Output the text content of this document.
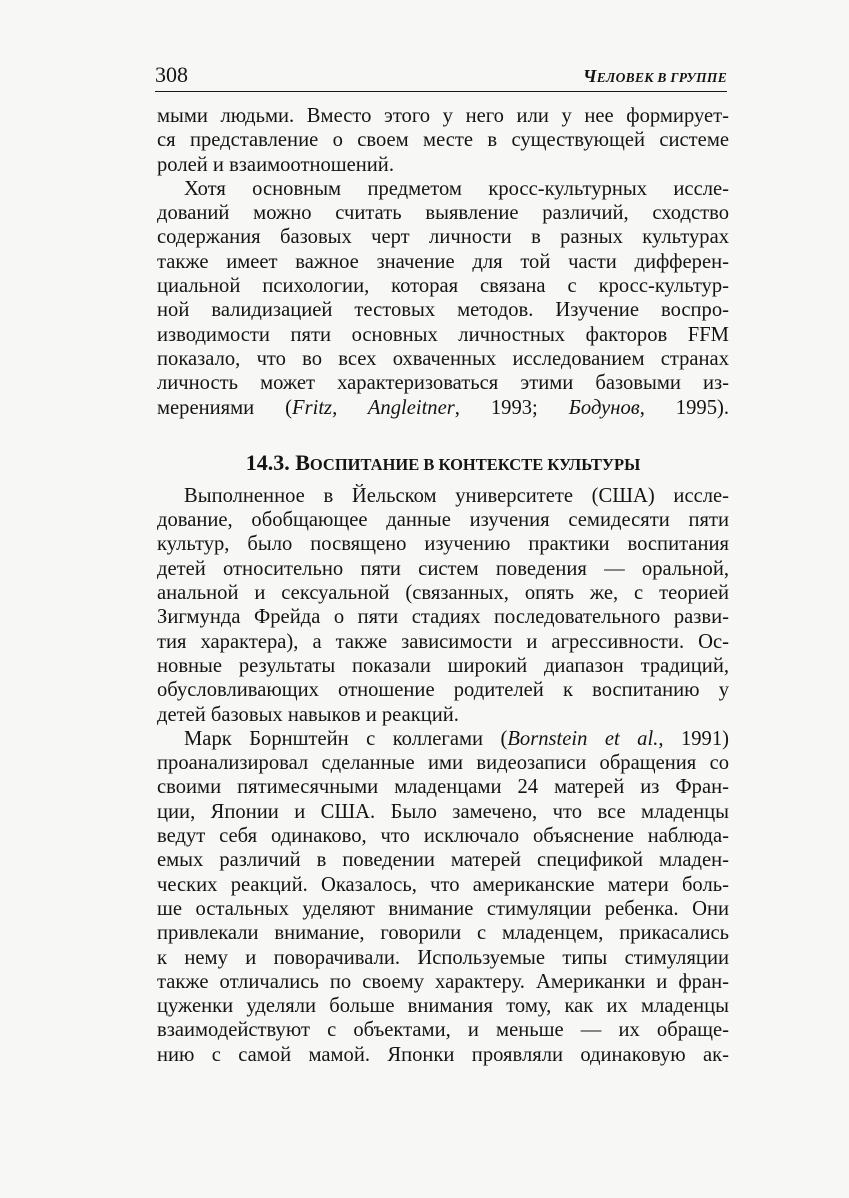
308	ЧЕЛОВЕК В ГРУППЕ
мыми людьми. Вместо этого у него или у нее формирует-
ся представление о своем месте в существующей системе
ролей и взаимоотношений.
Хотя основным предметом кросс-культурных иссле-
дований можно считать выявление различий, сходство
содержания базовых черт личности в разных культурах
также имеет важное значение для той части дифферен-
циальной психологии, которая связана с кросс-культур-
ной валидизацией тестовых методов. Изучение воспро-
изводимости пяти основных личностных факторов FFM
показало, что во всех охваченных исследованием странах
личность может характеризоваться этими базовыми из-
мерениями (Fritz, Angleitner, 1993; Бодунов, 1995).
14.3. ВОСПИТАНИЕ В КОНТЕКСТЕ КУЛЬТУРЫ
Выполненное в Йельском университете (США) иссле-
дование, обобщающее данные изучения семидесяти пяти
культур, было посвящено изучению практики воспитания
детей относительно пяти систем поведения — оральной,
анальной и сексуальной (связанных, опять же, с теорией
Зигмунда Фрейда о пяти стадиях последовательного разви-
тия характера), а также зависимости и агрессивности. Ос-
новные результаты показали широкий диапазон традиций,
обусловливающих отношение родителей к воспитанию у
детей базовых навыков и реакций.
Марк Борнштейн с коллегами (Bornstein et al., 1991)
проанализировал сделанные ими видеозаписи обращения со
своими пятимесячными младенцами 24 матерей из Фран-
ции, Японии и США. Было замечено, что все младенцы
ведут себя одинаково, что исключало объяснение наблюда-
емых различий в поведении матерей спецификой младен-
ческих реакций. Оказалось, что американские матери боль-
ше остальных уделяют внимание стимуляции ребенка. Они
привлекали внимание, говорили с младенцем, прикасались
к нему и поворачивали. Используемые типы стимуляции
также отличались по своему характеру. Американки и фран-
цуженки уделяли больше внимания тому, как их младенцы
взаимодействуют с объектами, и меньше — их обраще-
нию с самой мамой. Японки проявляли одинаковую ак-
